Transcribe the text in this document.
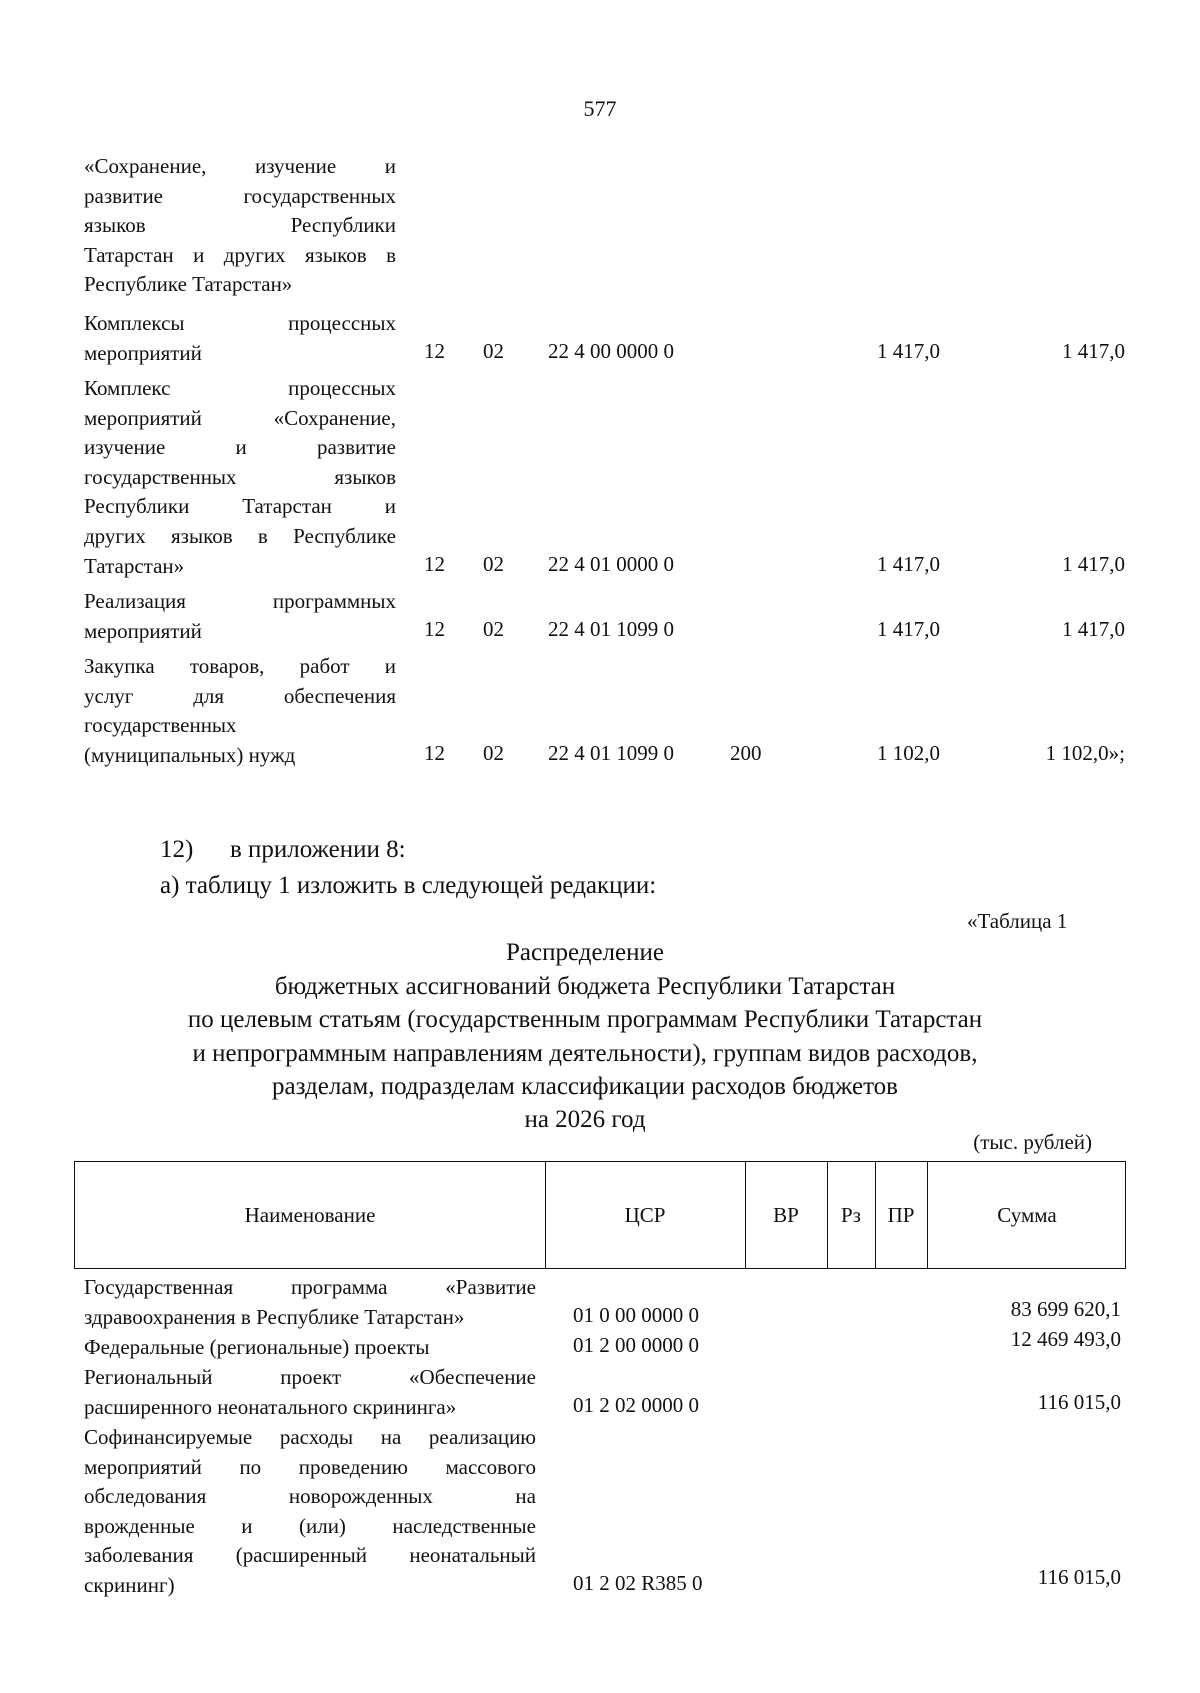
577
«Сохранение, изучение и
развитие государственных
языков Республики
Татарстан и других языков в
Республике Татарстан»
Комплексы процессных
мероприятий	12 02 22 4 00 0000 0	1 417,0	1 417,0
Комплекс процессных
мероприятий «Сохранение,
изучение и развитие
государственных языков
Республики Татарстан и
других языков в Республике
Татарстан»	12 02 22 4 01 0000 0	1 417,0	1 417,0
Реализация программных
мероприятий	12 02 22 4 01 1099 0	1 417,0	1 417,0
Закупка товаров, работ и
услуг для обеспечения
государственных
(муниципальных) нужд	12 02 22 4 01 1099 0	200	1 102,0	1 102,0»;
12) в приложении 8:
а) таблицу 1 изложить в следующей редакции:
«Таблица 1
Распределение
бюджетных ассигнований бюджета Республики Татарстан
по целевым статьям (государственным программам Республики Татарстан
и непрограммным направлениям деятельности), группам видов расходов,
разделам, подразделам классификации расходов бюджетов
на 2026 год
(тыс. рублей)
Наименование	ЦСР	ВР	Рз	ПР	Сумма
Государственная программа «Развитие
здравоохранения в Республике Татарстан»	01 0 00 0000 0	83 699 620,1
Федеральные (региональные) проекты	01 2 00 0000 0	12 469 493,0
Региональный проект «Обеспечение
расширенного неонатального скрининга»	01 2 02 0000 0	116 015,0
Софинансируемые расходы на реализацию
мероприятий по проведению массового
обследования новорожденных на
врожденные и (или) наследственные
заболевания (расширенный неонатальный
скрининг)	01 2 02 R385 0	116 015,0
